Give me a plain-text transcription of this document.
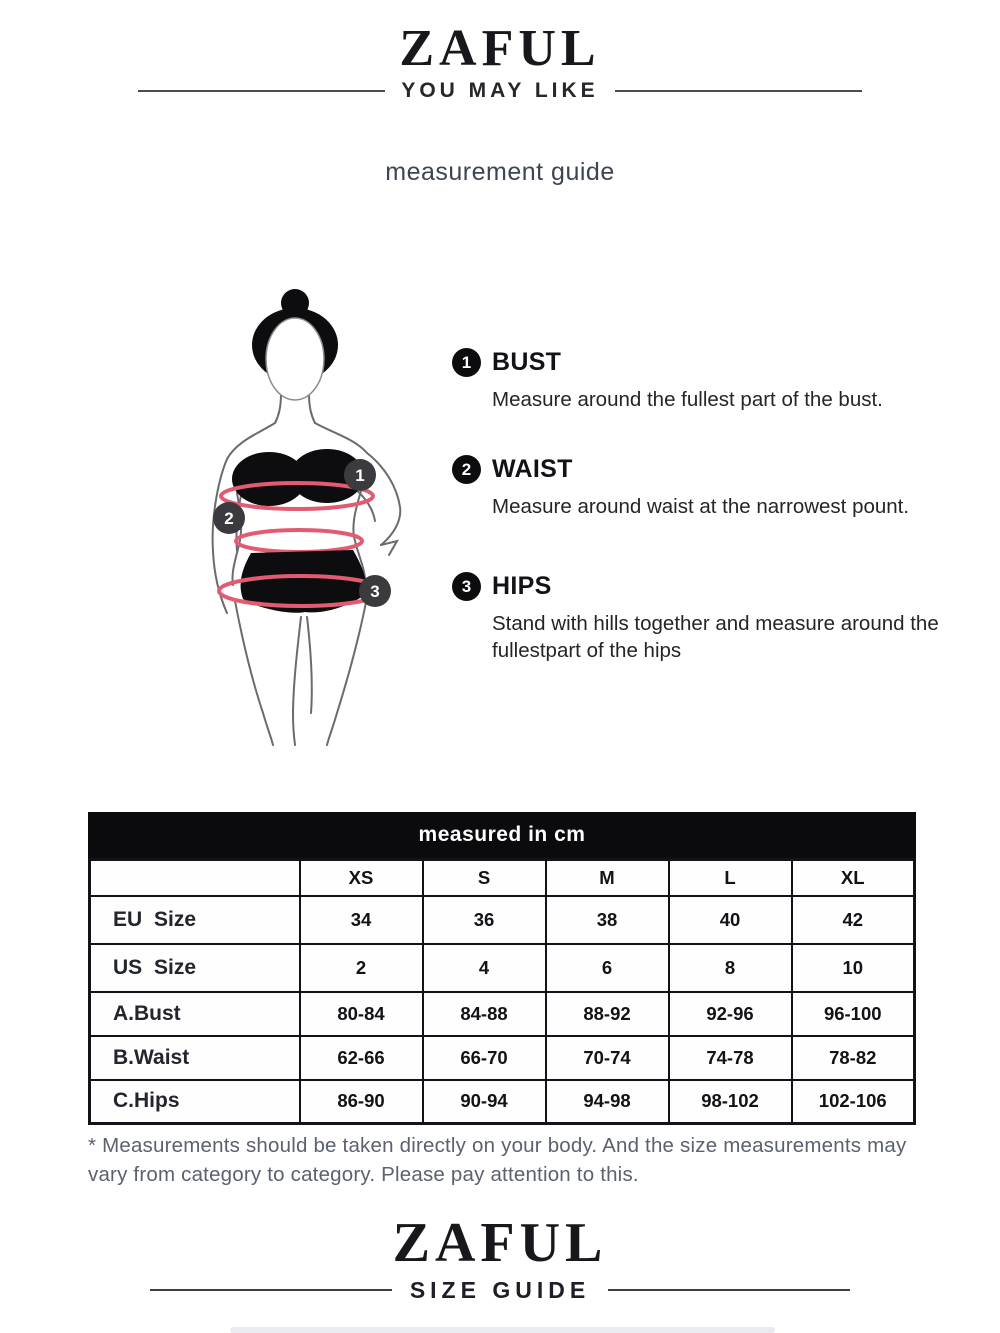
ZAFUL
YOU MAY LIKE
measurement guide
1
2
3
1 BUST
Measure around the fullest part of the bust.
2 WAIST
Measure around waist at the narrowest pount.
3 HIPS
Stand with hills together and measure around the fullestpart of the hips
measured in cm
	XS	S	M	L	XL
EU Size	34	36	38	40	42
US Size	2	4	6	8	10
A.Bust	80-84	84-88	88-92	92-96	96-100
B.Waist	62-66	66-70	70-74	74-78	78-82
C.Hips	86-90	90-94	94-98	98-102	102-106
* Measurements should be taken directly on your body. And the size measurements may vary from category to category. Please pay attention to this.
ZAFUL
SIZE GUIDE
